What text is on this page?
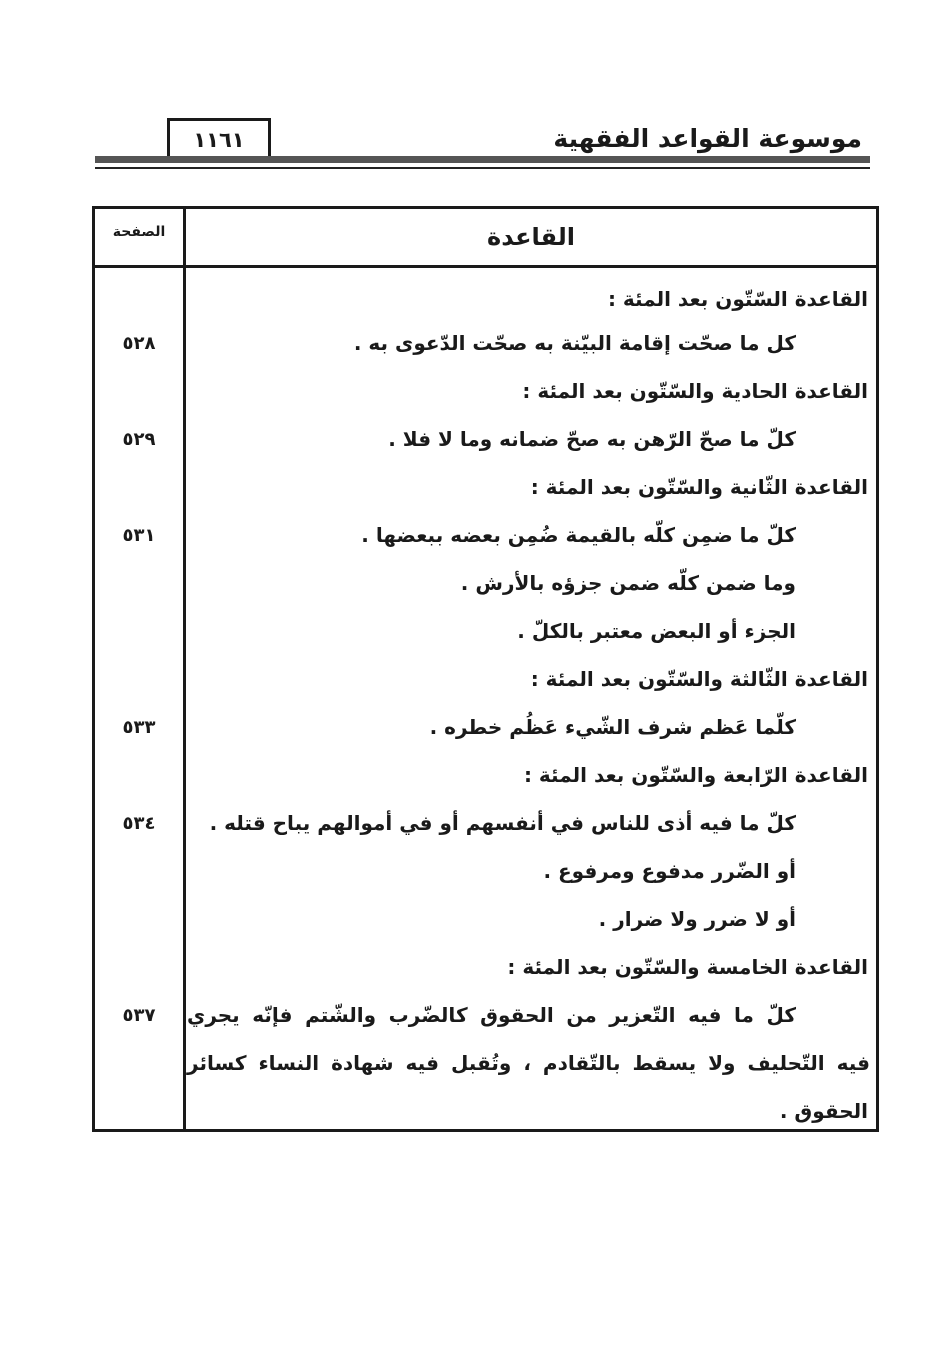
١١٦١	موسوعة القواعد الفقهية
القاعدة
الصفحة
القاعدة السّتّون بعد المئة :
كل ما صحّت إقامة البيّنة به صحّت الدّعوى به .
٥٢٨
القاعدة الحادية والسّتّون بعد المئة :
كلّ ما صحّ الرّهن به صحّ ضمانه وما لا فلا .
٥٢٩
القاعدة الثّانية والسّتّون بعد المئة :
كلّ ما ضمِن كلّه بالقيمة ضُمِن بعضه ببعضها .
٥٣١
وما ضمن كلّه ضمن جزؤه بالأرش .
الجزء أو البعض معتبر بالكلّ .
القاعدة الثّالثة والسّتّون بعد المئة :
كلّما عَظم شرف الشّيء عَظُم خطره .
٥٣٣
القاعدة الرّابعة والسّتّون بعد المئة :
كلّ ما فيه أذى للناس في أنفسهم أو في أموالهم يباح قتله .
٥٣٤
أو الضّرر مدفوع ومرفوع .
أو لا ضرر ولا ضرار .
القاعدة الخامسة والسّتّون بعد المئة :
كلّ ما فيه التّعزير من الحقوق كالضّرب والشّتم فإنّه يجري
٥٣٧
فيه التّحليف ولا يسقط بالتّقادم ، وتُقبل فيه شهادة النساء كسائر
الحقوق .
